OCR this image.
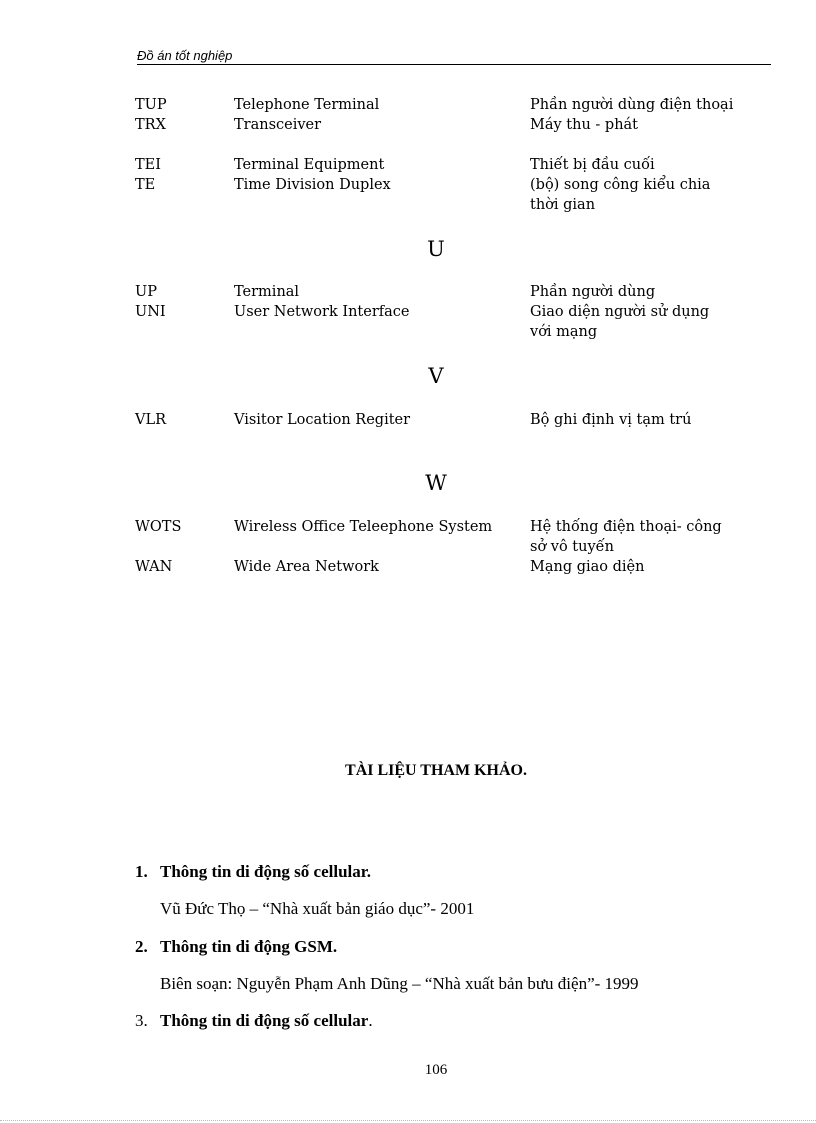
Đồ án tốt nghiệp
TUP	Telephone Terminal	Phần người dùng điện thoại
TRX	Transceiver	Máy thu - phát
TEI	Terminal Equipment	Thiết bị đầu cuối
TE	Time Division Duplex	(bộ) song công kiểu chia thời gian
U
UP	Terminal	Phần người dùng
UNI	User Network Interface	Giao diện người sử dụng với mạng
V
VLR	Visitor Location Regiter	Bộ ghi định vị tạm trú
W
WOTS	Wireless Office Teleephone System	Hệ thống điện thoại- công sở vô tuyến
WAN	Wide Area Network	Mạng giao diện
TÀI LIỆU THAM KHẢO.
1. Thông tin di động số cellular.
Vũ Đức Thọ – “Nhà xuất bản giáo dục”- 2001
2. Thông tin di động GSM.
Biên soạn: Nguyễn Phạm Anh Dũng – “Nhà xuất bản bưu điện”- 1999
3. Thông tin di động số cellular.
106
